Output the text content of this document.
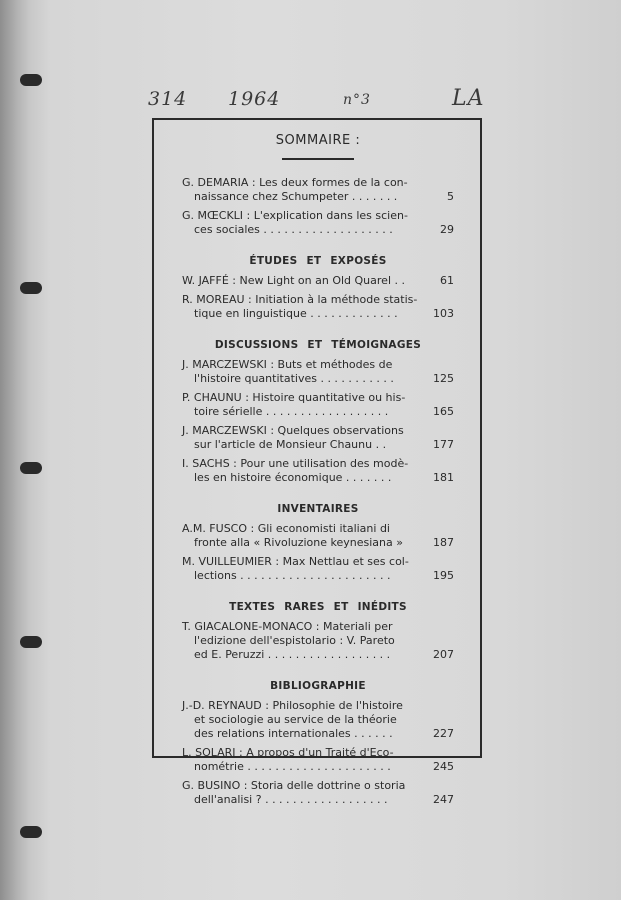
314 1964	n°3	LA
SOMMAIRE :
G. DEMARIA : Les deux formes de la con-
naissance chez Schumpeter . . . . . . .	5
G. MŒCKLI : L'explication dans les scien-
ces sociales . . . . . . . . . . . . . . . . . . .	29
ÉTUDES ET EXPOSÉS
W. JAFFÉ : New Light on an Old Quarel . .	61
R. MOREAU : Initiation à la méthode statis-
tique en linguistique . . . . . . . . . . . . .	103
DISCUSSIONS ET TÉMOIGNAGES
J. MARCZEWSKI : Buts et méthodes de
l'histoire quantitatives . . . . . . . . . . .	125
P. CHAUNU : Histoire quantitative ou his-
toire sérielle . . . . . . . . . . . . . . . . . .	165
J. MARCZEWSKI : Quelques observations
sur l'article de Monsieur Chaunu . .	177
I. SACHS : Pour une utilisation des modè-
les en histoire économique . . . . . . .	181
INVENTAIRES
A.M. FUSCO : Gli economisti italiani di
fronte alla « Rivoluzione keynesiana »	187
M. VUILLEUMIER : Max Nettlau et ses col-
lections . . . . . . . . . . . . . . . . . . . . . .	195
TEXTES RARES ET INÉDITS
T. GIACALONE-MONACO : Materiali per
l'edizione dell'espistolario : V. Pareto
ed E. Peruzzi . . . . . . . . . . . . . . . . . .	207
BIBLIOGRAPHIE
J.-D. REYNAUD : Philosophie de l'histoire
et sociologie au service de la théorie
des relations internationales . . . . . .	227
L. SOLARI : A propos d'un Traité d'Eco-
nométrie . . . . . . . . . . . . . . . . . . . . .	245
G. BUSINO : Storia delle dottrine o storia
dell'analisi ? . . . . . . . . . . . . . . . . . .	247
